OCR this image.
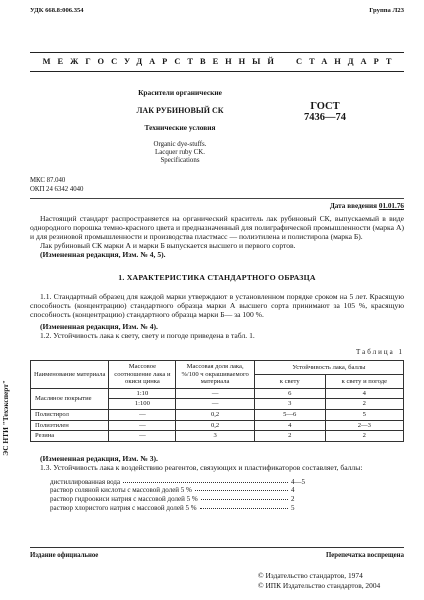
УДК 668.8:006.354	Группа Л23
МЕЖГОСУДАРСТВЕННЫЙ СТАНДАРТ
Красители органические
ЛАК РУБИНОВЫЙ СК
Технические условия
Organic dye-stuffs.
Lacquer ruby CK.
Specifications
ГОСТ
7436—74
МКС 87.040
ОКП 24 6342 4040
Дата введения 01.01.76

Настоящий стандарт распространяется на органический краситель лак рубиновый СК, выпускаемый в виде однородного порошка темно-красного цвета и предназначенный для полиграфической промышленности (марка А) и для резиновой промышленности и производства пластмасс — полиэтилена и полистирола (марка Б).

Лак рубиновый СК марки А и марки Б выпускается высшего и первого сортов.

(Измененная редакция, Изм. № 4, 5).

1. ХАРАКТЕРИСТИКА СТАНДАРТНОГО ОБРАЗЦА

1.1. Стандартный образец для каждой марки утверждают в установленном порядке сроком на 5 лет. Красящую способность (концентрацию) стандартного образца марки А высшего сорта принимают за 105 %, красящую способность (концентрацию) стандартного образца марки Б— за 100 %.

(Измененная редакция, Изм. № 4).

1.2. Устойчивость лака к свету, свету и погоде приведена в табл. 1.

Таблица 1

Наименование материала	Массовое соотношение лака и окиси цинка	Массовая доля лака, %/100 ч окрашиваемого материала	Устойчивость лака, баллы	
			к свету	к свету и погоде
Масляное покрытие	1:10	—	6	4
	1:100	—	3	2
Полистирол	—	0,2	5—6	5
Полиэтилен	—	0,2	4	2—3
Резина	—	3	2	2

(Измененная редакция, Изм. № 3).

1.3. Устойчивость лака к воздействию реагентов, связующих и пластификаторов составляет, баллы:

дистиллированная вода	4—5
раствор соляной кислоты с массовой долей 5 %	4
раствор гидроокиси натрия с массовой долей 5 %	2
раствор хлористого натрия с массовой долей 5 %	5
Издание официальное	Перепечатка воспрещена
© Издательство стандартов, 1974
© ИПК Издательство стандартов, 2004
ЭС НТИ "Техэксперт"
